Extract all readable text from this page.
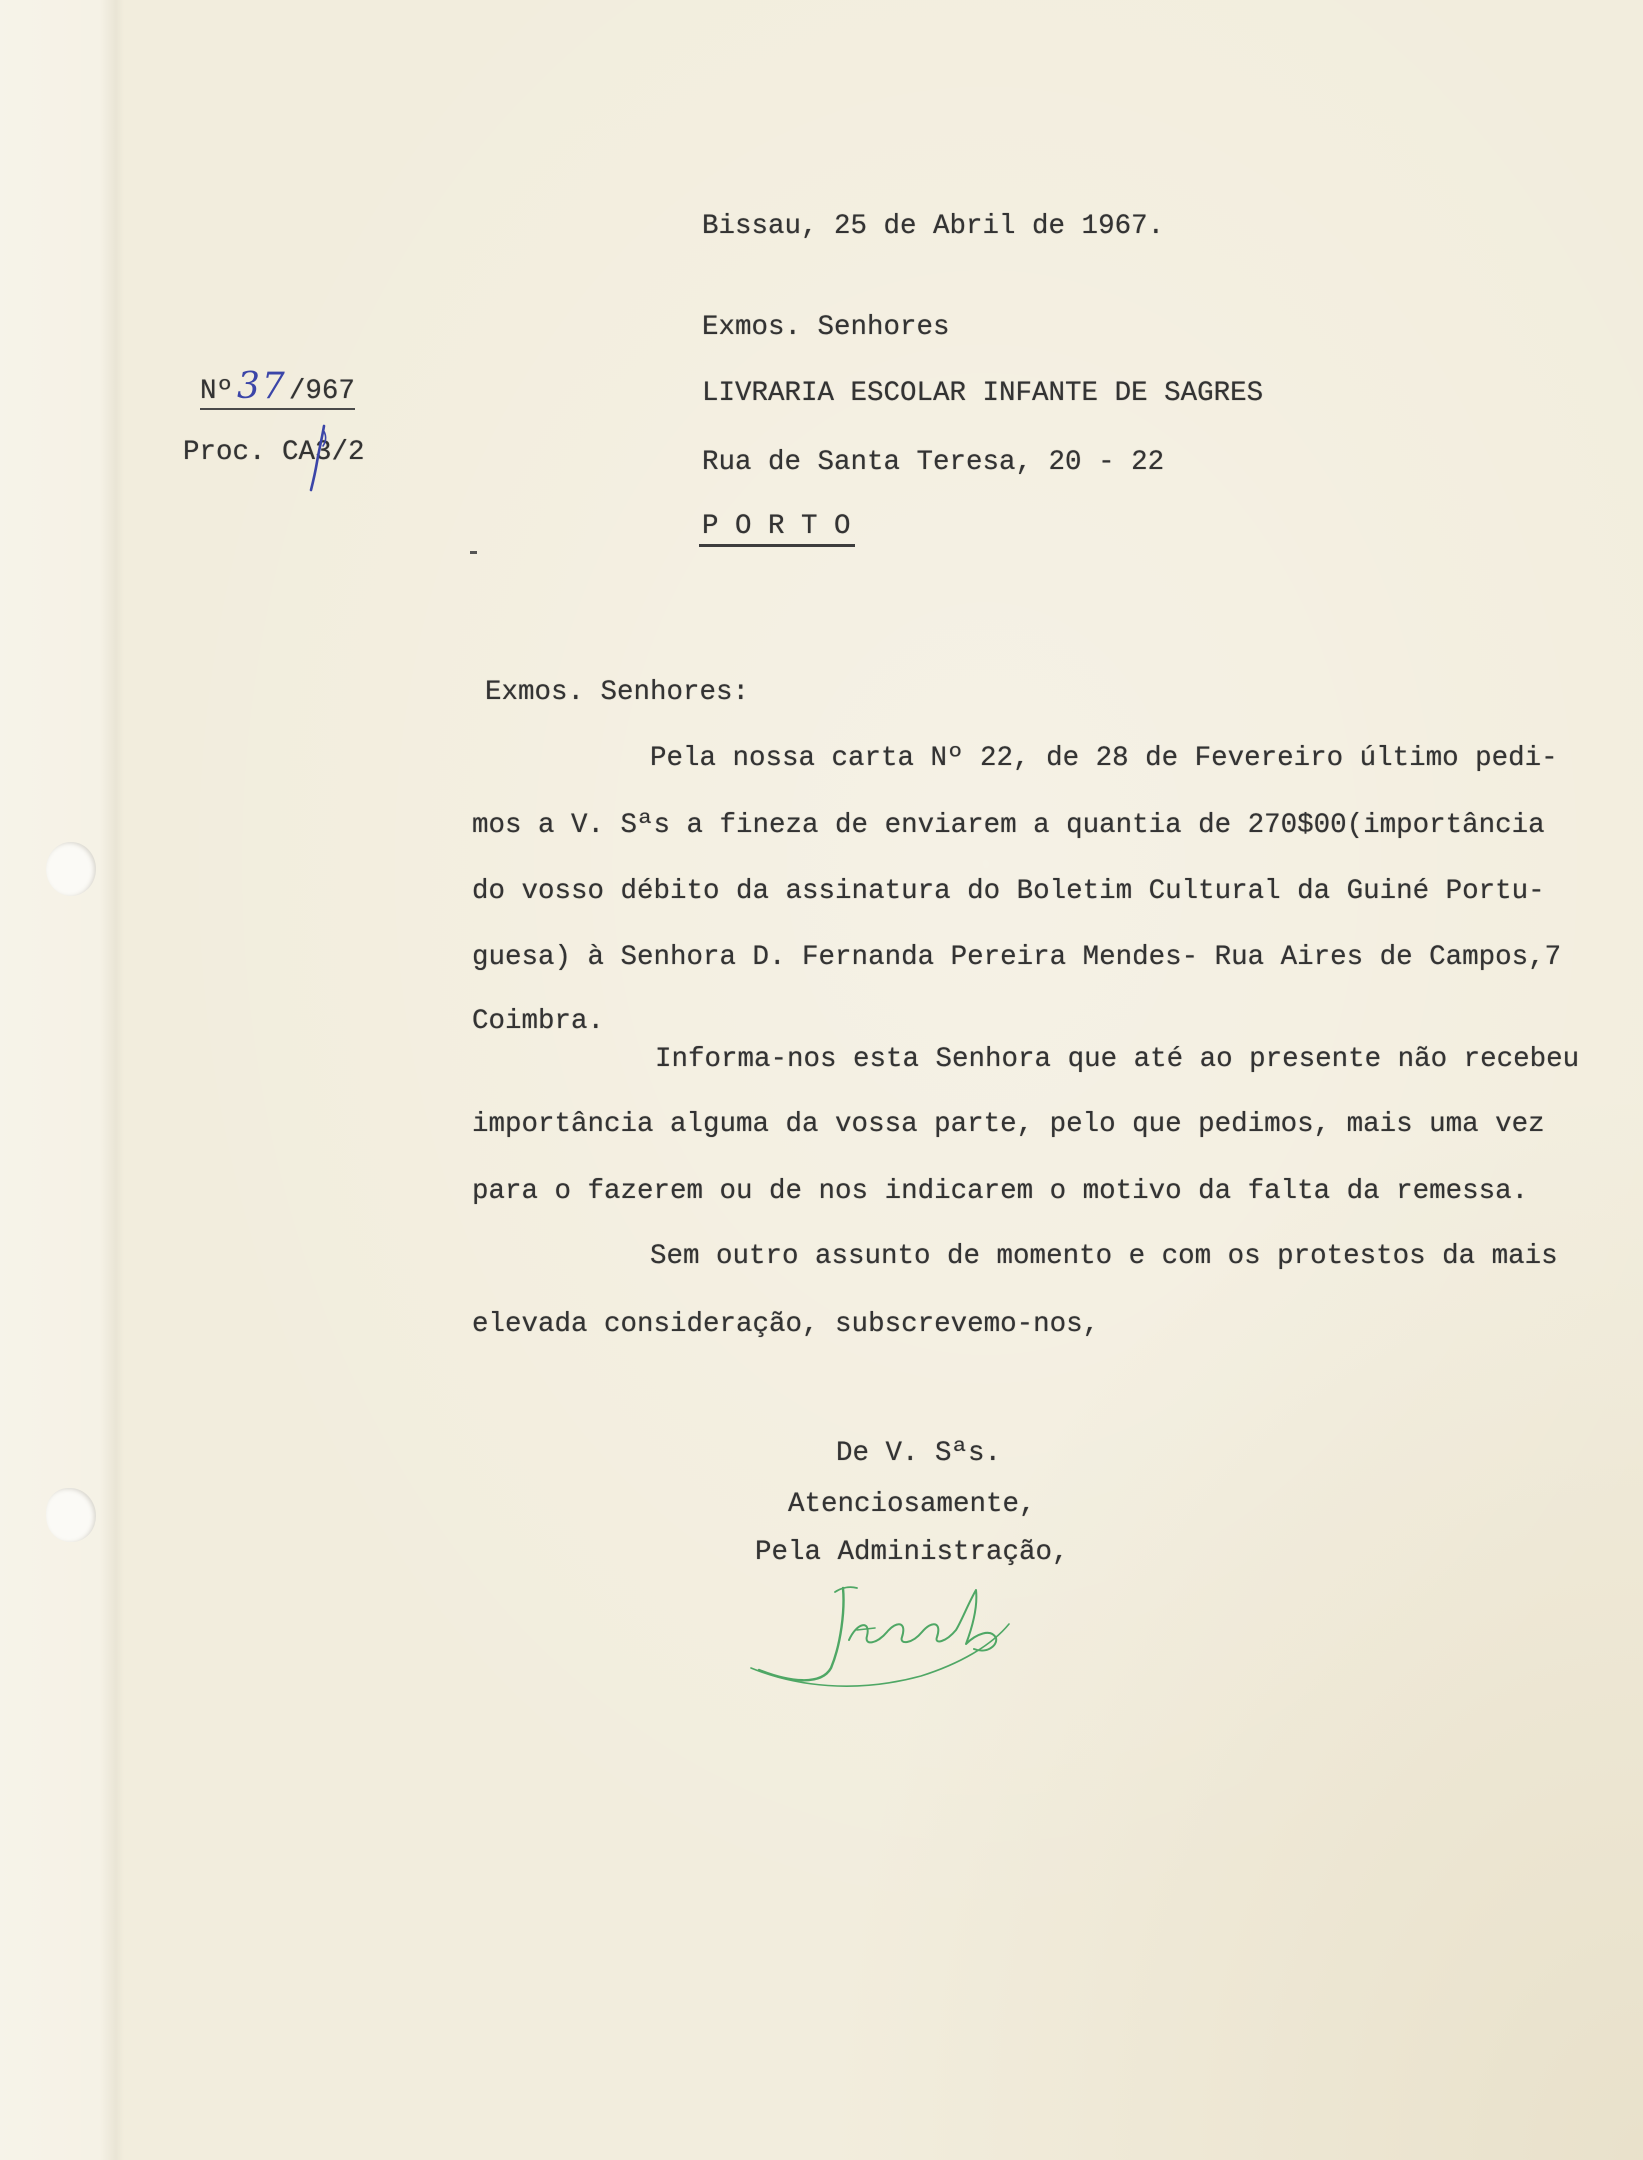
Nº 37 /967
Proc. CA3/2
Bissau, 25 de Abril de 1967.
Exmos. Senhores
LIVRARIA ESCOLAR INFANTE DE SAGRES
Rua de Santa Teresa, 20 - 22
P O R T O
Exmos. Senhores:
Pela nossa carta Nº 22, de 28 de Fevereiro último pedi-
mos a V. Sªs a fineza de enviarem a quantia de 270$00(importância
do vosso débito da assinatura do Boletim Cultural da Guiné Portu-
guesa) à Senhora D. Fernanda Pereira Mendes- Rua Aires de Campos,7
Coimbra.
Informa-nos esta Senhora que até ao presente não recebeu
importância alguma da vossa parte, pelo que pedimos, mais uma vez
para o fazerem ou de nos indicarem o motivo da falta da remessa.
Sem outro assunto de momento e com os protestos da mais
elevada consideração, subscrevemo-nos,
De V. Sªs.
Atenciosamente,
Pela Administração,
